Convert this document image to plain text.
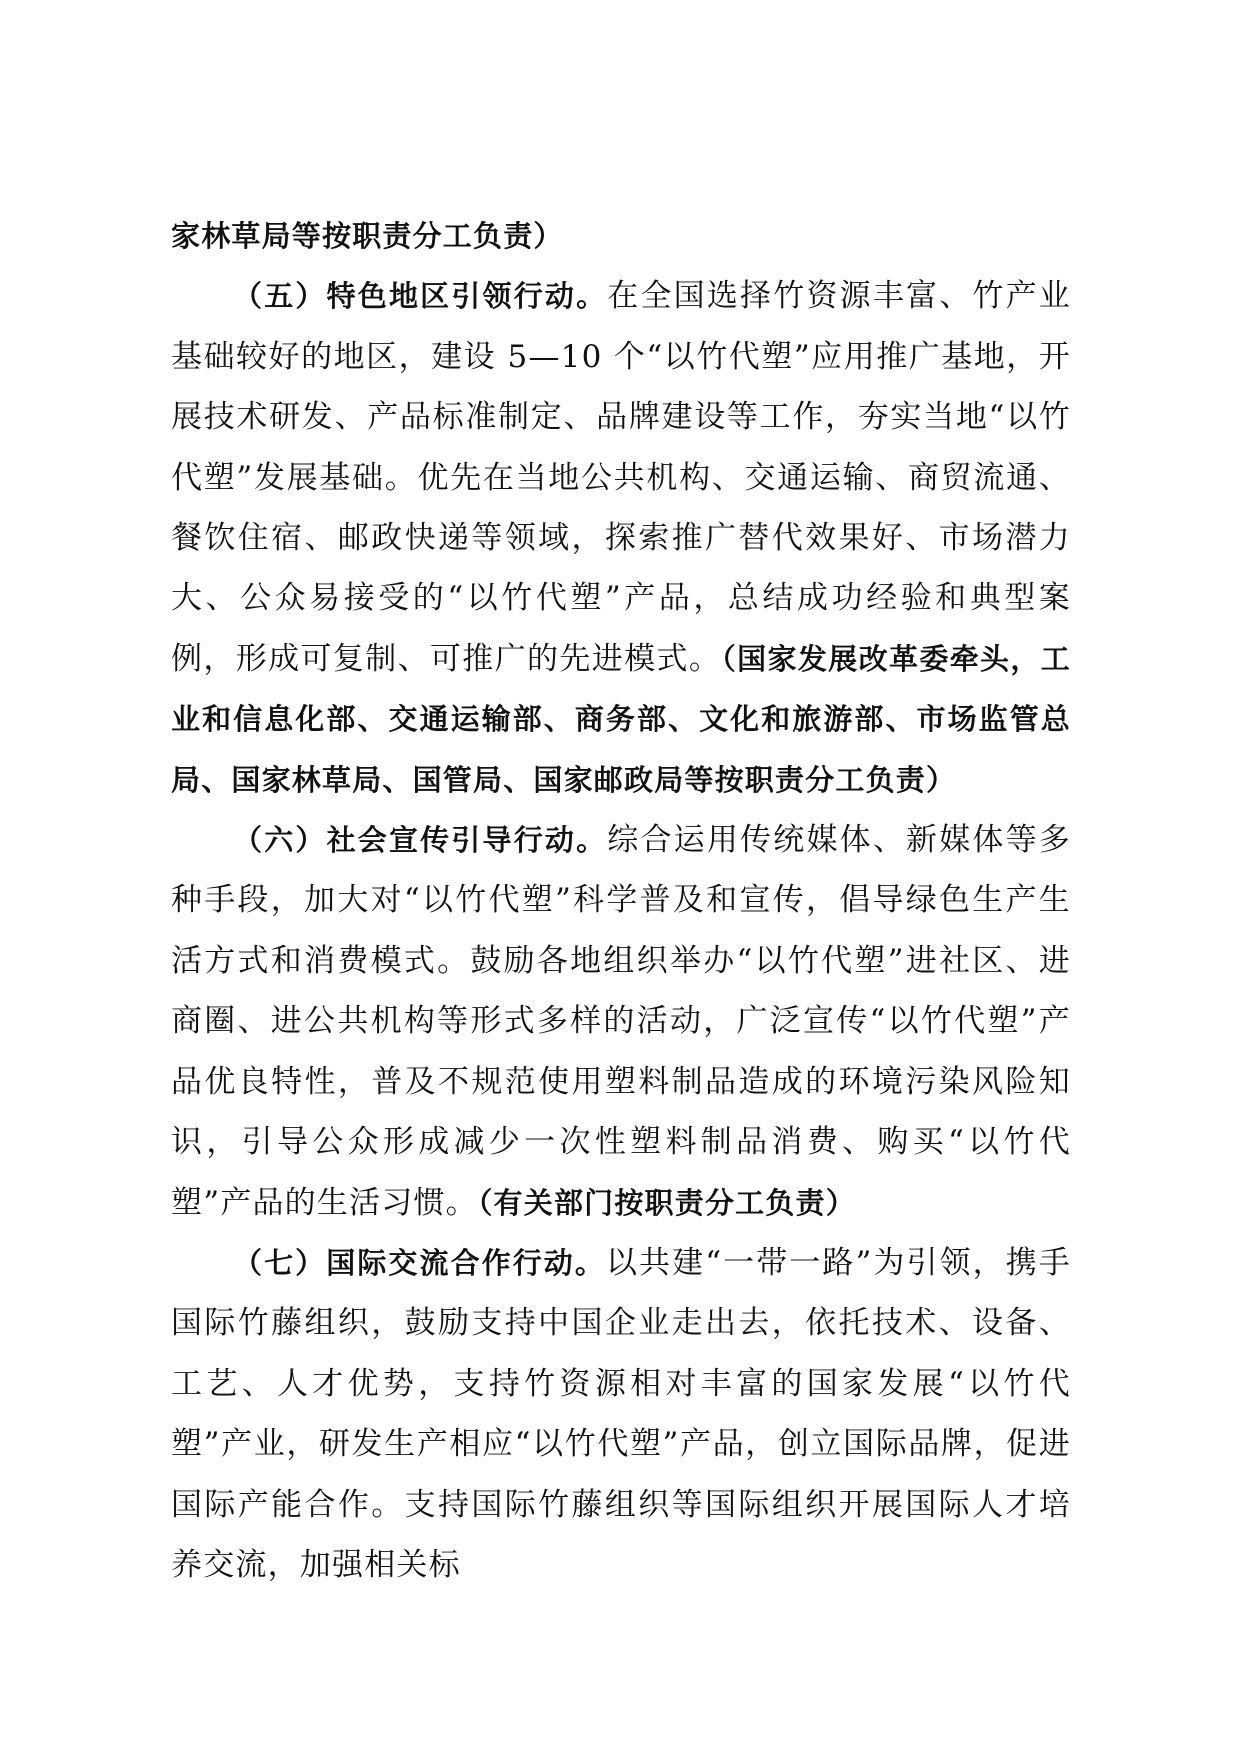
家林草局等按职责分工负责）

（五）特色地区引领行动。在全国选择竹资源丰富、竹产业基础较好的地区，建设 5—10 个“以竹代塑”应用推广基地，开展技术研发、产品标准制定、品牌建设等工作，夯实当地“以竹代塑”发展基础。优先在当地公共机构、交通运输、商贸流通、餐饮住宿、邮政快递等领域，探索推广替代效果好、市场潜力大、公众易接受的“以竹代塑”产品，总结成功经验和典型案例，形成可复制、可推广的先进模式。（国家发展改革委牵头，工业和信息化部、交通运输部、商务部、文化和旅游部、市场监管总局、国家林草局、国管局、国家邮政局等按职责分工负责）

（六）社会宣传引导行动。综合运用传统媒体、新媒体等多种手段，加大对“以竹代塑”科学普及和宣传，倡导绿色生产生活方式和消费模式。鼓励各地组织举办“以竹代塑”进社区、进商圈、进公共机构等形式多样的活动，广泛宣传“以竹代塑”产品优良特性，普及不规范使用塑料制品造成的环境污染风险知识，引导公众形成减少一次性塑料制品消费、购买“以竹代塑”产品的生活习惯。（有关部门按职责分工负责）

（七）国际交流合作行动。以共建“一带一路”为引领，携手国际竹藤组织，鼓励支持中国企业走出去，依托技术、设备、工艺、人才优势，支持竹资源相对丰富的国家发展“以竹代塑”产业，研发生产相应“以竹代塑”产品，创立国际品牌，促进国际产能合作。支持国际竹藤组织等国际组织开展国际人才培养交流，加强相关标
